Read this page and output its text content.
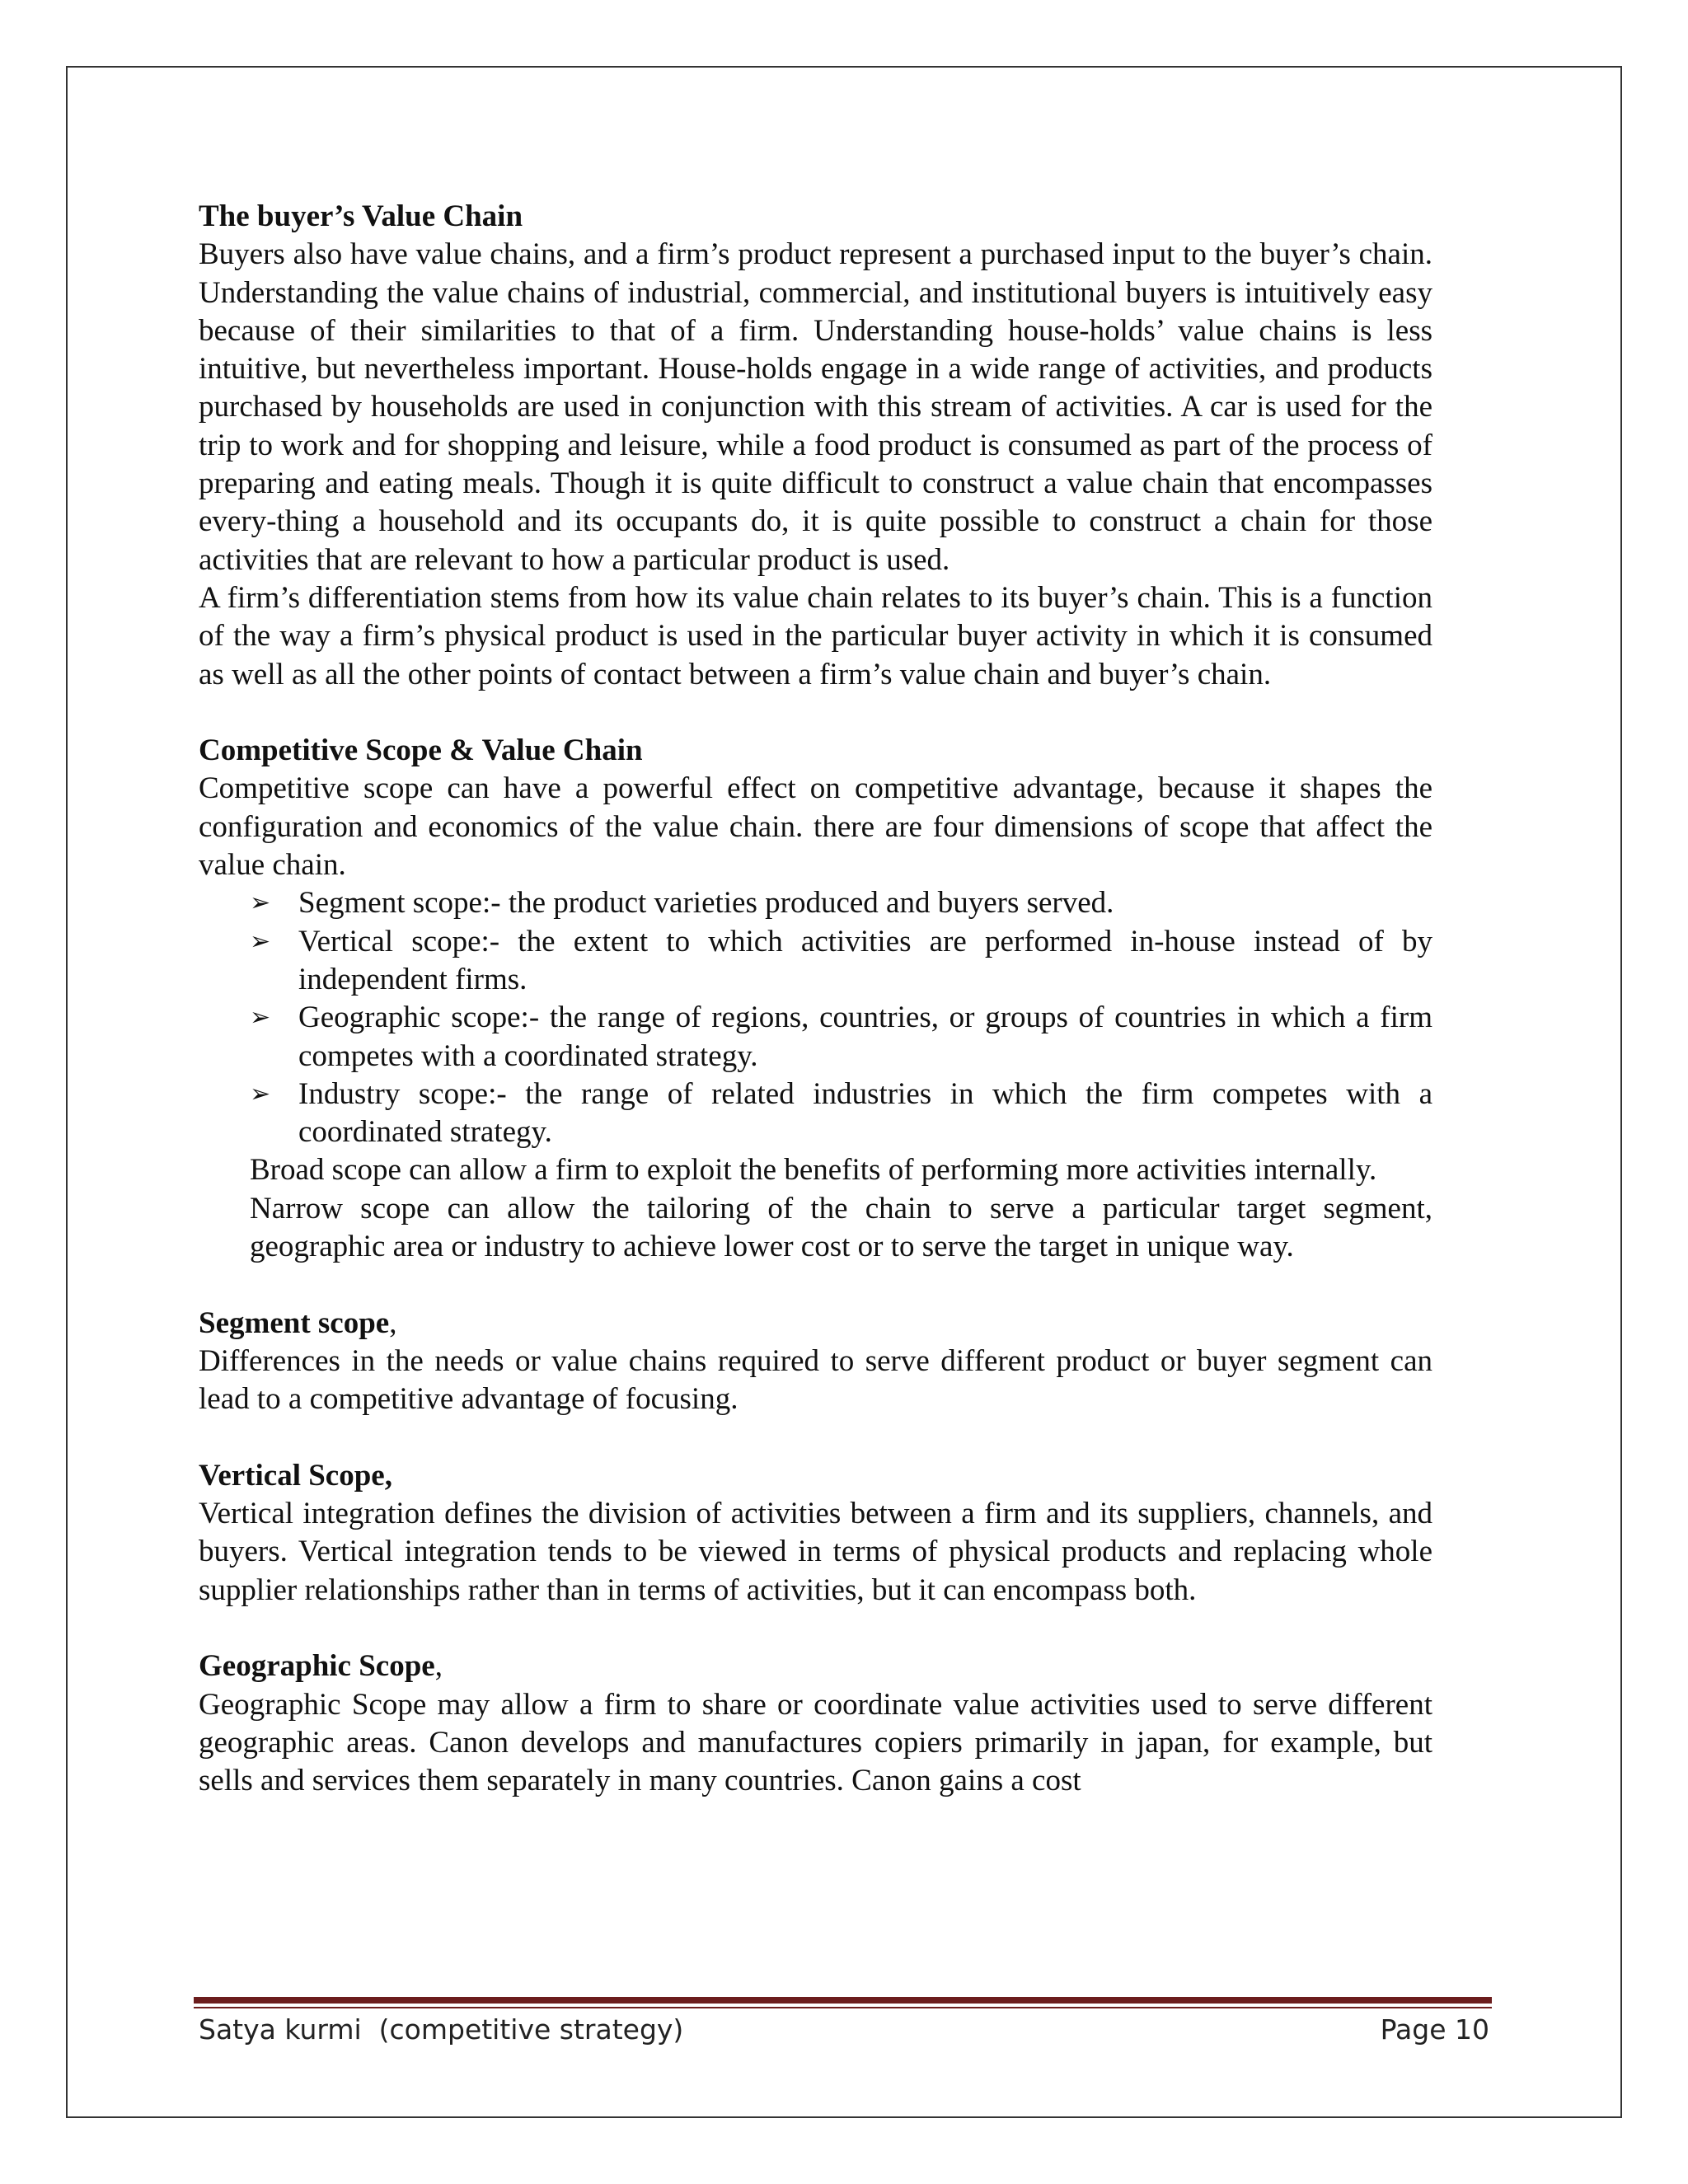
The buyer’s Value Chain

Buyers also have value chains, and a firm’s product represent a purchased input to the buyer’s chain. Understanding the value chains of industrial, commercial, and institutional buyers is intuitively easy because of their similarities to that of a firm. Understanding house-holds’ value chains is less intuitive, but nevertheless important. House-holds engage in a wide range of activities, and products purchased by households are used in conjunction with this stream of activities. A car is used for the trip to work and for shopping and leisure, while a food product is consumed as part of the process of preparing and eating meals. Though it is quite difficult to construct a value chain that encompasses every-thing a household and its occupants do, it is quite possible to construct a chain for those activities that are relevant to how a particular product is used.

A firm’s differentiation stems from how its value chain relates to its buyer’s chain. This is a function of the way a firm’s physical product is used in the particular buyer activity in which it is consumed as well as all the other points of contact between a firm’s value chain and buyer’s chain.

Competitive Scope & Value Chain

Competitive scope can have a powerful effect on competitive advantage, because it shapes the configuration and economics of the value chain. there are four dimensions of scope that affect the value chain.

➢ Segment scope:- the product varieties produced and buyers served.
➢ Vertical scope:- the extent to which activities are performed in-house instead of by independent firms.
➢ Geographic scope:- the range of regions, countries, or groups of countries in which a firm competes with a coordinated strategy.
➢ Industry scope:- the range of related industries in which the firm competes with a coordinated strategy.

Broad scope can allow a firm to exploit the benefits of performing more activities internally.

Narrow scope can allow the tailoring of the chain to serve a particular target segment, geographic area or industry to achieve lower cost or to serve the target in unique way.

Segment scope,

Differences in the needs or value chains required to serve different product or buyer segment can lead to a competitive advantage of focusing.

Vertical Scope,

Vertical integration defines the division of activities between a firm and its suppliers, channels, and buyers. Vertical integration tends to be viewed in terms of physical products and replacing whole supplier relationships rather than in terms of activities, but it can encompass both.

Geographic Scope,

Geographic Scope may allow a firm to share or coordinate value activities used to serve different geographic areas. Canon develops and manufactures copiers primarily in japan, for example, but sells and services them separately in many countries. Canon gains a cost

Satya kurmi  (competitive strategy)	Page 10
